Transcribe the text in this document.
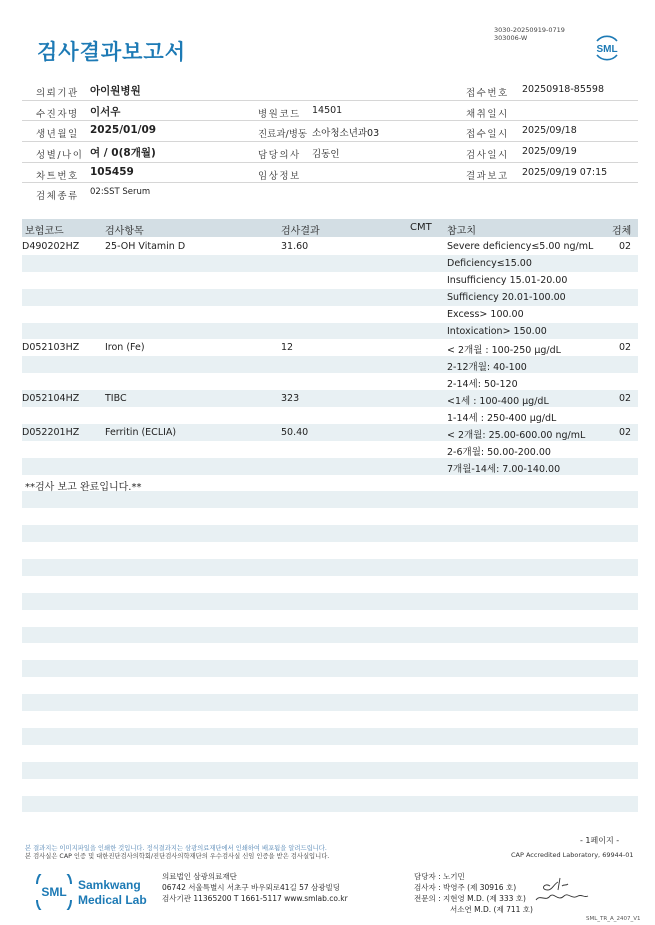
3030-20250919-0719
303006-W
검사결과보고서	SML
의뢰기관 아이원병원	접수번호 20250918-85598
수진자명 이서우	병원코드 14501	채취일시
생년월일 2025/01/09	진료과/병동 소아청소년과03	접수일시 2025/09/18
성별/나이 여 / 0(8개월)	담당의사 김동인	검사일시 2025/09/19
차트번호 105459	임상정보	결과보고 2025/09/19 07:15
검체종류 02:SST Serum
보험코드	검사항목	검사결과	CMT 참고치	검체
D490202HZ	25-OH Vitamin D	31.60	Severe deficiency≤5.00 ng/mL	02
Deficiency≤15.00
Insufficiency 15.01-20.00
Sufficiency 20.01-100.00
Excess> 100.00
Intoxication> 150.00
D052103HZ	Iron (Fe)	12	< 2개월 : 100-250 μg/dL	02
2-12개월: 40-100
2-14세: 50-120
D052104HZ	TIBC	323	<1세 : 100-400 μg/dL	02
1-14세 : 250-400 μg/dL
D052201HZ	Ferritin (ECLIA)	50.40	< 2개월: 25.00-600.00 ng/mL	02
2-6개월: 50.00-200.00
7개월-14세: 7.00-140.00
**검사 보고 완료입니다.**
본 결과지는 이미지파일을 인쇄한 것입니다. 정식결과지는 삼광의료재단에서 인쇄하여 배포됨을 알려드립니다.
본 검사실은 CAP 인증 및 대한진단검사의학회/진단검사의학재단의 우수검사실 신임 인증을 받은 검사실입니다.
- 1페이지 -
CAP Accredited Laboratory, 69944-01
SML Samkwang
Medical Lab
의료법인 삼광의료재단
06742 서울특별시 서초구 바우뫼로41길 57 삼광빌딩
검사기관 11365200 T 1661-5117 www.smlab.co.kr
담당자 : 노기민
검사자 : 박영주 (제 30916 호)
전문의 : 지현영 M.D. (제 333 호)
서소연 M.D. (제 711 호)
SML_TR_A_2407_V1
